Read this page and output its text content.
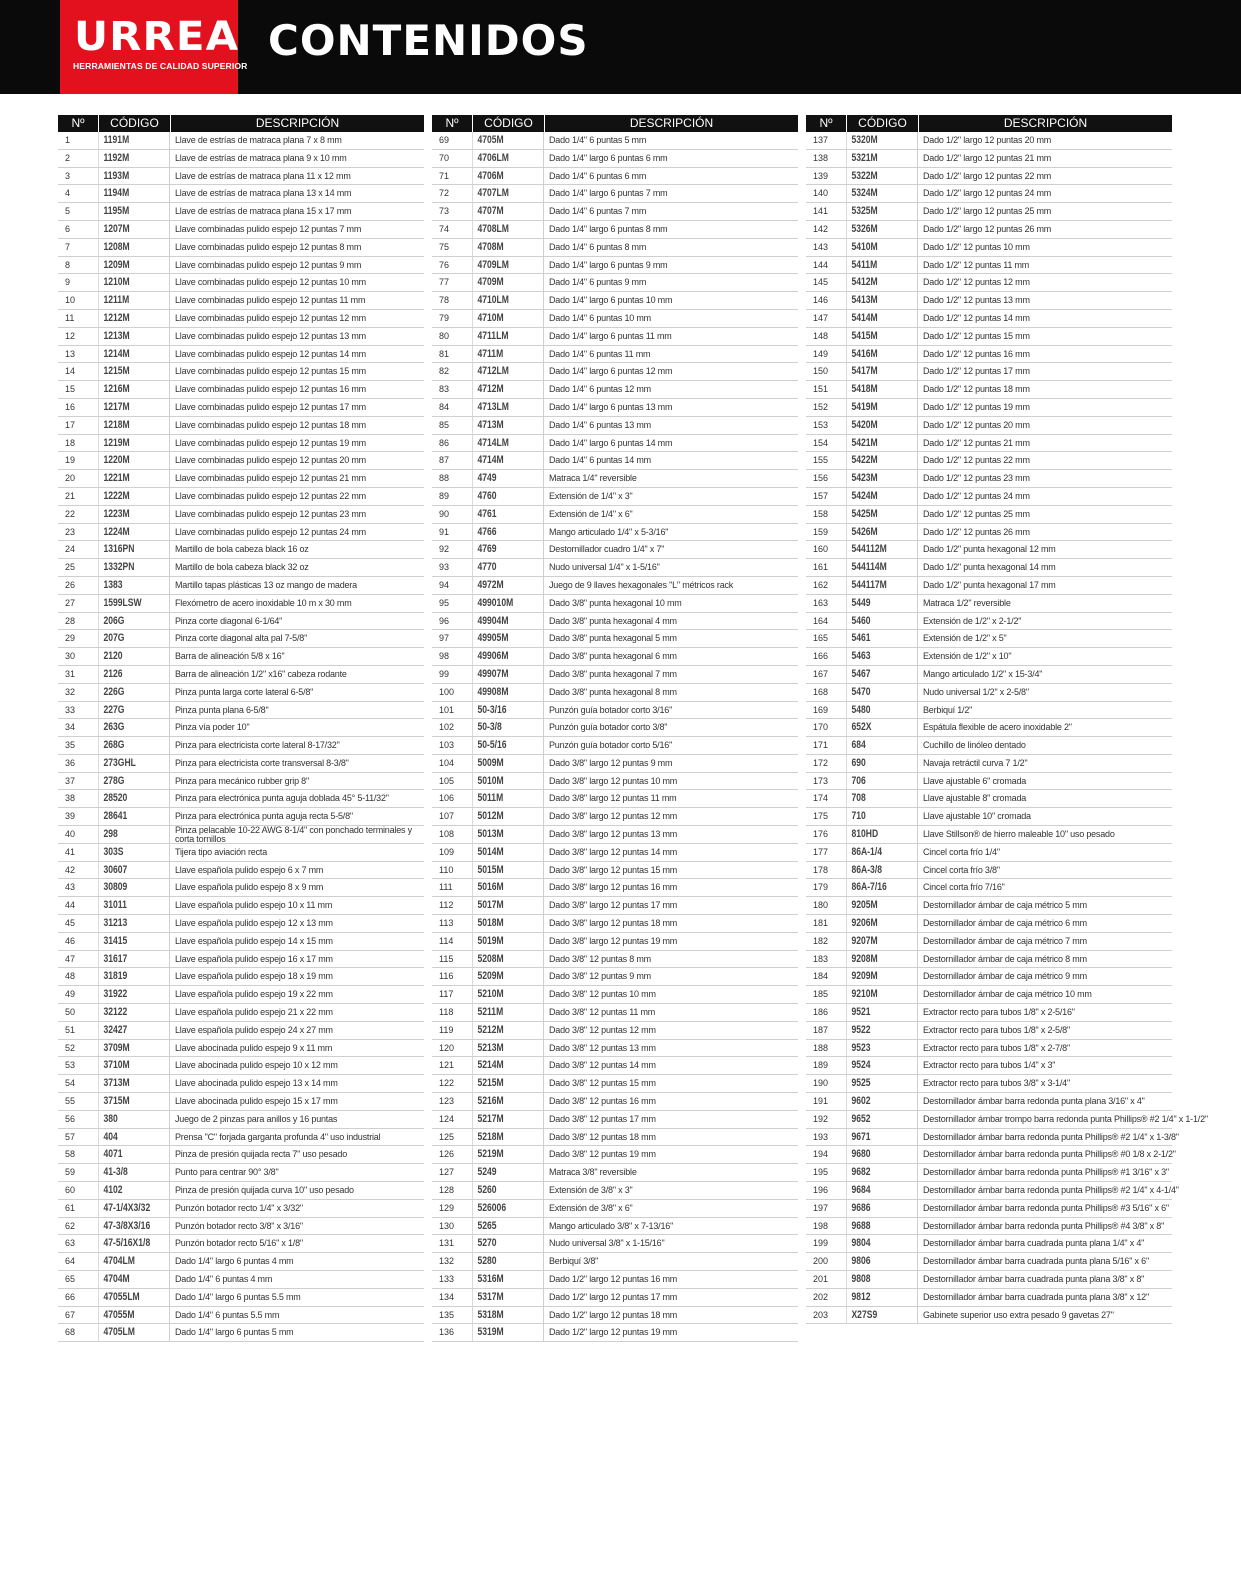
URREA
HERRAMIENTAS DE CALIDAD SUPERIOR
CONTENIDOS
Nº	CÓDIGO	DESCRIPCIÓN
1	1191M	Llave de estrías de matraca plana 7 x 8 mm
2	1192M	Llave de estrías de matraca plana 9 x 10 mm
3	1193M	Llave de estrías de matraca plana 11 x 12 mm
4	1194M	Llave de estrías de matraca plana 13 x 14 mm
5	1195M	Llave de estrías de matraca plana 15 x 17 mm
6	1207M	Llave combinadas pulido espejo 12 puntas 7 mm
7	1208M	Llave combinadas pulido espejo 12 puntas 8 mm
8	1209M	Llave combinadas pulido espejo 12 puntas 9 mm
9	1210M	Llave combinadas pulido espejo 12 puntas 10 mm
10	1211M	Llave combinadas pulido espejo 12 puntas 11 mm
11	1212M	Llave combinadas pulido espejo 12 puntas 12 mm
12	1213M	Llave combinadas pulido espejo 12 puntas 13 mm
13	1214M	Llave combinadas pulido espejo 12 puntas 14 mm
14	1215M	Llave combinadas pulido espejo 12 puntas 15 mm
15	1216M	Llave combinadas pulido espejo 12 puntas 16 mm
16	1217M	Llave combinadas pulido espejo 12 puntas 17 mm
17	1218M	Llave combinadas pulido espejo 12 puntas 18 mm
18	1219M	Llave combinadas pulido espejo 12 puntas 19 mm
19	1220M	Llave combinadas pulido espejo 12 puntas 20 mm
20	1221M	Llave combinadas pulido espejo 12 puntas 21 mm
21	1222M	Llave combinadas pulido espejo 12 puntas 22 mm
22	1223M	Llave combinadas pulido espejo 12 puntas 23 mm
23	1224M	Llave combinadas pulido espejo 12 puntas 24 mm
24	1316PN	Martillo de bola cabeza black 16 oz
25	1332PN	Martillo de bola cabeza black 32 oz
26	1383	Martillo tapas plásticas 13 oz mango de madera
27	1599LSW	Flexómetro de acero inoxidable 10 m x 30 mm
28	206G	Pinza corte diagonal 6-1/64"
29	207G	Pinza corte diagonal alta pal 7-5/8"
30	2120	Barra de alineación 5/8 x 16"
31	2126	Barra de alineación 1/2" x16" cabeza rodante
32	226G	Pinza punta larga corte lateral 6-5/8"
33	227G	Pinza punta plana 6-5/8"
34	263G	Pinza vía poder 10"
35	268G	Pinza para electricista corte lateral 8-17/32"
36	273GHL	Pinza para electricista corte transversal 8-3/8"
37	278G	Pinza para mecánico rubber grip 8"
38	28520	Pinza para electrónica punta aguja doblada 45° 5-11/32"
39	28641	Pinza para electrónica punta aguja recta 5-5/8"
40	298	Pinza pelacable 10-22 AWG 8-1/4" con ponchado terminales y corta tornillos
41	303S	Tijera tipo aviación recta
42	30607	Llave española pulido espejo 6 x 7 mm
43	30809	Llave española pulido espejo 8 x 9 mm
44	31011	Llave española pulido espejo 10 x 11 mm
45	31213	Llave española pulido espejo 12 x 13 mm
46	31415	Llave española pulido espejo 14 x 15 mm
47	31617	Llave española pulido espejo 16 x 17 mm
48	31819	Llave española pulido espejo 18 x 19 mm
49	31922	Llave española pulido espejo 19 x 22 mm
50	32122	Llave española pulido espejo 21 x 22 mm
51	32427	Llave española pulido espejo 24 x 27 mm
52	3709M	Llave abocinada pulido espejo 9 x 11 mm
53	3710M	Llave abocinada pulido espejo 10 x 12 mm
54	3713M	Llave abocinada pulido espejo 13 x 14 mm
55	3715M	Llave abocinada pulido espejo 15 x 17 mm
56	380	Juego de 2 pinzas para anillos y 16 puntas
57	404	Prensa "C" forjada garganta profunda 4" uso industrial
58	4071	Pinza de presión quijada recta 7" uso pesado
59	41-3/8	Punto para centrar 90° 3/8"
60	4102	Pinza de presión quijada curva 10" uso pesado
61	47-1/4X3/32	Punzón botador recto 1/4" x 3/32"
62	47-3/8X3/16	Punzón botador recto 3/8" x 3/16"
63	47-5/16X1/8	Punzón botador recto 5/16" x 1/8"
64	4704LM	Dado 1/4" largo 6 puntas 4 mm
65	4704M	Dado 1/4" 6 puntas 4 mm
66	47055LM	Dado 1/4" largo 6 puntas 5.5 mm
67	47055M	Dado 1/4" 6 puntas 5.5 mm
68	4705LM	Dado 1/4" largo 6 puntas 5 mm
Nº	CÓDIGO	DESCRIPCIÓN
69	4705M	Dado 1/4" 6 puntas 5 mm
70	4706LM	Dado 1/4" largo 6 puntas 6 mm
71	4706M	Dado 1/4" 6 puntas 6 mm
72	4707LM	Dado 1/4" largo 6 puntas 7 mm
73	4707M	Dado 1/4" 6 puntas 7 mm
74	4708LM	Dado 1/4" largo 6 puntas 8 mm
75	4708M	Dado 1/4" 6 puntas 8 mm
76	4709LM	Dado 1/4" largo 6 puntas 9 mm
77	4709M	Dado 1/4" 6 puntas 9 mm
78	4710LM	Dado 1/4" largo 6 puntas 10 mm
79	4710M	Dado 1/4" 6 puntas 10 mm
80	4711LM	Dado 1/4" largo 6 puntas 11 mm
81	4711M	Dado 1/4" 6 puntas 11 mm
82	4712LM	Dado 1/4" largo 6 puntas 12 mm
83	4712M	Dado 1/4" 6 puntas 12 mm
84	4713LM	Dado 1/4" largo 6 puntas 13 mm
85	4713M	Dado 1/4" 6 puntas 13 mm
86	4714LM	Dado 1/4" largo 6 puntas 14 mm
87	4714M	Dado 1/4" 6 puntas 14 mm
88	4749	Matraca 1/4" reversible
89	4760	Extensión de 1/4" x 3"
90	4761	Extensión de 1/4" x 6"
91	4766	Mango articulado 1/4" x 5-3/16"
92	4769	Destornillador cuadro 1/4" x 7"
93	4770	Nudo universal 1/4" x 1-5/16"
94	4972M	Juego de 9 llaves hexagonales "L" métricos rack
95	499010M	Dado 3/8" punta hexagonal 10 mm
96	49904M	Dado 3/8" punta hexagonal 4 mm
97	49905M	Dado 3/8" punta hexagonal 5 mm
98	49906M	Dado 3/8" punta hexagonal 6 mm
99	49907M	Dado 3/8" punta hexagonal 7 mm
100	49908M	Dado 3/8" punta hexagonal 8 mm
101	50-3/16	Punzón guía botador corto 3/16"
102	50-3/8	Punzón guía botador corto 3/8"
103	50-5/16	Punzón guía botador corto 5/16"
104	5009M	Dado 3/8" largo 12 puntas 9 mm
105	5010M	Dado 3/8" largo 12 puntas 10 mm
106	5011M	Dado 3/8" largo 12 puntas 11 mm
107	5012M	Dado 3/8" largo 12 puntas 12 mm
108	5013M	Dado 3/8" largo 12 puntas 13 mm
109	5014M	Dado 3/8" largo 12 puntas 14 mm
110	5015M	Dado 3/8" largo 12 puntas 15 mm
111	5016M	Dado 3/8" largo 12 puntas 16 mm
112	5017M	Dado 3/8" largo 12 puntas 17 mm
113	5018M	Dado 3/8" largo 12 puntas 18 mm
114	5019M	Dado 3/8" largo 12 puntas 19 mm
115	5208M	Dado 3/8" 12 puntas 8 mm
116	5209M	Dado 3/8" 12 puntas 9 mm
117	5210M	Dado 3/8" 12 puntas 10 mm
118	5211M	Dado 3/8" 12 puntas 11 mm
119	5212M	Dado 3/8" 12 puntas 12 mm
120	5213M	Dado 3/8" 12 puntas 13 mm
121	5214M	Dado 3/8" 12 puntas 14 mm
122	5215M	Dado 3/8" 12 puntas 15 mm
123	5216M	Dado 3/8" 12 puntas 16 mm
124	5217M	Dado 3/8" 12 puntas 17 mm
125	5218M	Dado 3/8" 12 puntas 18 mm
126	5219M	Dado 3/8" 12 puntas 19 mm
127	5249	Matraca 3/8" reversible
128	5260	Extensión de 3/8" x 3"
129	526006	Extensión de 3/8" x 6"
130	5265	Mango articulado 3/8" x 7-13/16"
131	5270	Nudo universal 3/8" x 1-15/16"
132	5280	Berbiquí 3/8"
133	5316M	Dado 1/2" largo 12 puntas 16 mm
134	5317M	Dado 1/2" largo 12 puntas 17 mm
135	5318M	Dado 1/2" largo 12 puntas 18 mm
136	5319M	Dado 1/2" largo 12 puntas 19 mm
Nº	CÓDIGO	DESCRIPCIÓN
137	5320M	Dado 1/2" largo 12 puntas 20 mm
138	5321M	Dado 1/2" largo 12 puntas 21 mm
139	5322M	Dado 1/2" largo 12 puntas 22 mm
140	5324M	Dado 1/2" largo 12 puntas 24 mm
141	5325M	Dado 1/2" largo 12 puntas 25 mm
142	5326M	Dado 1/2" largo 12 puntas 26 mm
143	5410M	Dado 1/2" 12 puntas 10 mm
144	5411M	Dado 1/2" 12 puntas 11 mm
145	5412M	Dado 1/2" 12 puntas 12 mm
146	5413M	Dado 1/2" 12 puntas 13 mm
147	5414M	Dado 1/2" 12 puntas 14 mm
148	5415M	Dado 1/2" 12 puntas 15 mm
149	5416M	Dado 1/2" 12 puntas 16 mm
150	5417M	Dado 1/2" 12 puntas 17 mm
151	5418M	Dado 1/2" 12 puntas 18 mm
152	5419M	Dado 1/2" 12 puntas 19 mm
153	5420M	Dado 1/2" 12 puntas 20 mm
154	5421M	Dado 1/2" 12 puntas 21 mm
155	5422M	Dado 1/2" 12 puntas 22 mm
156	5423M	Dado 1/2" 12 puntas 23 mm
157	5424M	Dado 1/2" 12 puntas 24 mm
158	5425M	Dado 1/2" 12 puntas 25 mm
159	5426M	Dado 1/2" 12 puntas 26 mm
160	544112M	Dado 1/2" punta hexagonal 12 mm
161	544114M	Dado 1/2" punta hexagonal 14 mm
162	544117M	Dado 1/2" punta hexagonal 17 mm
163	5449	Matraca 1/2" reversible
164	5460	Extensión de 1/2" x 2-1/2"
165	5461	Extensión de 1/2" x 5"
166	5463	Extensión de 1/2" x 10"
167	5467	Mango articulado 1/2" x 15-3/4"
168	5470	Nudo universal 1/2" x 2-5/8"
169	5480	Berbiquí 1/2"
170	652X	Espátula flexible de acero inoxidable 2"
171	684	Cuchillo de linóleo dentado
172	690	Navaja retráctil curva 7 1/2"
173	706	Llave ajustable 6" cromada
174	708	Llave ajustable 8" cromada
175	710	Llave ajustable 10" cromada
176	810HD	Llave Stillson® de hierro maleable 10" uso pesado
177	86A-1/4	Cincel corta frío 1/4"
178	86A-3/8	Cincel corta frío 3/8"
179	86A-7/16	Cincel corta frío 7/16"
180	9205M	Destornillador ámbar de caja métrico 5 mm
181	9206M	Destornillador ámbar de caja métrico 6 mm
182	9207M	Destornillador ámbar de caja métrico 7 mm
183	9208M	Destornillador ámbar de caja métrico 8 mm
184	9209M	Destornillador ámbar de caja métrico 9 mm
185	9210M	Destornillador ámbar de caja métrico 10 mm
186	9521	Extractor recto para tubos 1/8" x 2-5/16"
187	9522	Extractor recto para tubos 1/8" x 2-5/8"
188	9523	Extractor recto para tubos 1/8" x 2-7/8"
189	9524	Extractor recto para tubos 1/4" x 3"
190	9525	Extractor recto para tubos 3/8" x 3-1/4"
191	9602	Destornillador ámbar barra redonda punta plana 3/16" x 4"
192	9652	Destornillador ámbar trompo barra redonda punta Phillips® #2 1/4" x 1-1/2"
193	9671	Destornillador ámbar barra redonda punta Phillips® #2 1/4" x 1-3/8"
194	9680	Destornillador ámbar barra redonda punta Phillips® #0 1/8 x 2-1/2"
195	9682	Destornillador ámbar barra redonda punta Phillips® #1 3/16" x 3"
196	9684	Destornillador ámbar barra redonda punta Phillips® #2 1/4" x 4-1/4"
197	9686	Destornillador ámbar barra redonda punta Phillips® #3 5/16" x 6"
198	9688	Destornillador ámbar barra redonda punta Phillips® #4 3/8" x 8"
199	9804	Destornillador ámbar barra cuadrada punta plana 1/4" x 4"
200	9806	Destornillador ámbar barra cuadrada punta plana 5/16" x 6"
201	9808	Destornillador ámbar barra cuadrada punta plana 3/8" x 8"
202	9812	Destornillador ámbar barra cuadrada punta plana 3/8" x 12"
203	X27S9	Gabinete superior uso extra pesado 9 gavetas 27"
